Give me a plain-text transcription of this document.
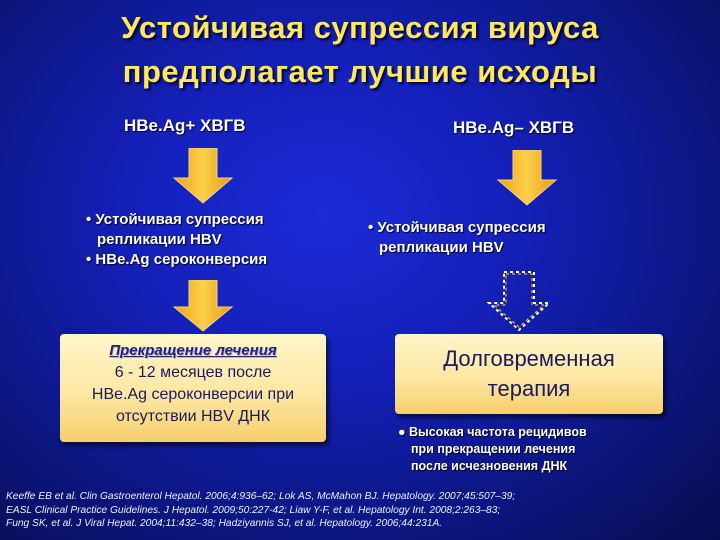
Устойчивая супрессия вируса
предполагает лучшие исходы
HBe.Ag+ ХВГВ
• Устойчивая супрессия
репликации HBV
• HBe.Ag сероконверсия
Прекращение лечения
6 - 12 месяцев после
HBe.Ag сероконверсии при
отсутствии HBV ДНК
HBe.Ag– ХВГВ
• Устойчивая супрессия
репликации HBV
Долговременная
терапия
● Высокая частота рецидивов
при прекращении лечения
после исчезновения ДНК
Keeffe EB et al. Clin Gastroenterol Hepatol. 2006;4:936–62; Lok AS, McMahon BJ. Hepatology. 2007;45:507–39;
EASL Clinical Practice Guidelines. J Hepatol. 2009;50:227-42; Liaw Y-F, et al. Hepatology Int. 2008;2:263–83;
Fung SK, et al. J Viral Hepat. 2004;11:432–38; Hadziyannis SJ, et al. Hepatology. 2006;44:231A.
